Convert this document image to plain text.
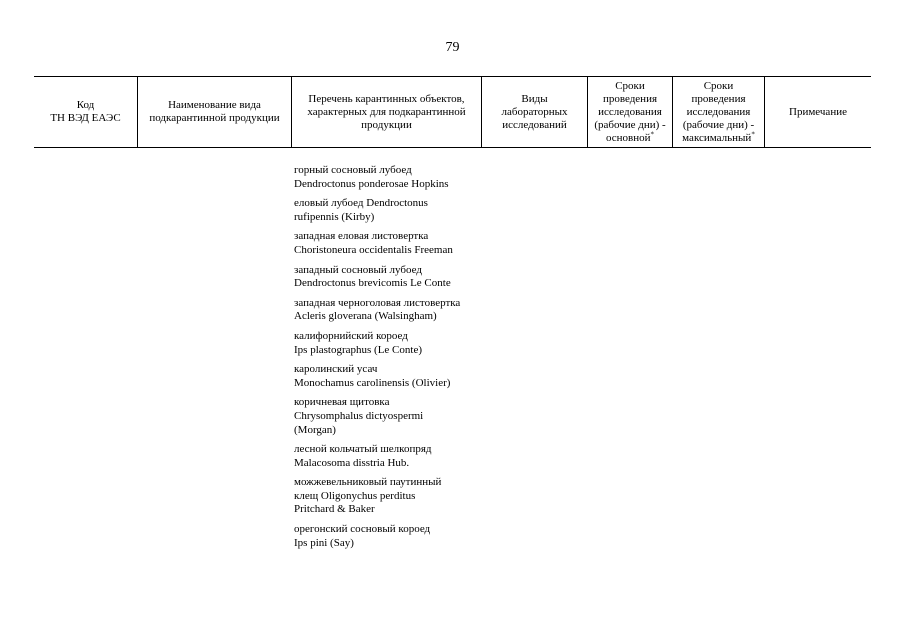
79
Код
ТН ВЭД ЕАЭС
Наименование вида
подкарантинной продукции
Перечень карантинных объектов,
характерных для подкарантинной
продукции
Виды
лабораторных
исследований
Сроки
проведения
исследования
(рабочие дни) -
основной*
Сроки
проведения
исследования
(рабочие дни) -
максимальный*
Примечание
горный сосновый лубоед
Dendroctonus ponderosae Hopkins
еловый лубоед Dendroctonus
rufipennis (Kirby)
западная еловая листовертка
Choristoneura occidentalis Freeman
западный сосновый лубоед
Dendroctonus brevicomis Le Conte
западная черноголовая листовертка
Acleris gloverana (Walsingham)
калифорнийский короед
Ips plastographus (Le Conte)
каролинский усач
Monochamus carolinensis (Olivier)
коричневая щитовка
Chrysomphalus dictyospermi
(Morgan)
лесной кольчатый шелкопряд
Malacosoma disstria Hub.
можжевельниковый паутинный
клещ Oligonychus perditus
Pritchard & Baker
орегонский сосновый короед
Ips pini (Say)
